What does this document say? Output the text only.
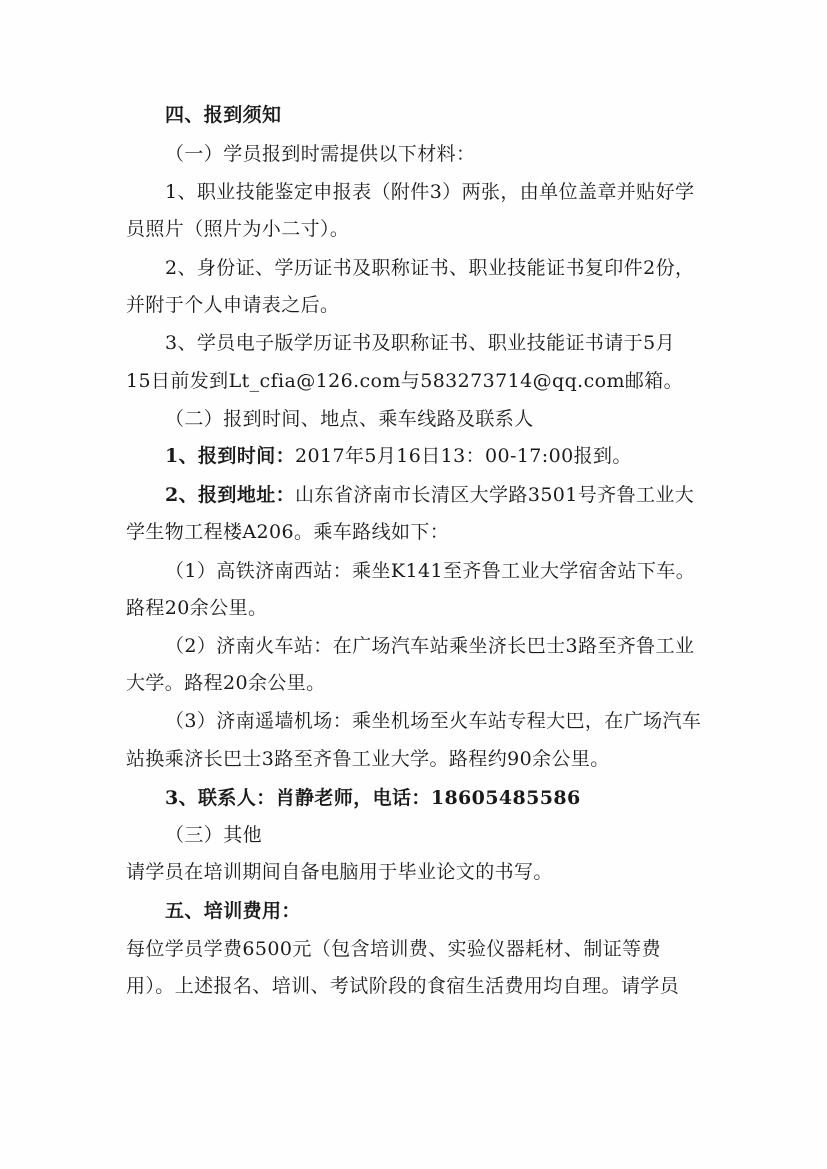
四、报到须知
（一）学员报到时需提供以下材料：
1、职业技能鉴定申报表（附件3）两张，由单位盖章并贴好学
员照片（照片为小二寸）。
2、身份证、学历证书及职称证书、职业技能证书复印件2份，
并附于个人申请表之后。
3、学员电子版学历证书及职称证书、职业技能证书请于5月
15日前发到Lt_cfia@126.com与583273714@qq.com邮箱。
（二）报到时间、地点、乘车线路及联系人
1、报到时间：2017年5月16日13：00-17:00报到。
2、报到地址：山东省济南市长清区大学路3501号齐鲁工业大
学生物工程楼A206。乘车路线如下：
（1）高铁济南西站：乘坐K141至齐鲁工业大学宿舍站下车。
路程20余公里。
（2）济南火车站：在广场汽车站乘坐济长巴士3路至齐鲁工业
大学。路程20余公里。
（3）济南遥墙机场：乘坐机场至火车站专程大巴，在广场汽车
站换乘济长巴士3路至齐鲁工业大学。路程约90余公里。
3、联系人：肖静老师，电话：18605485586
（三）其他
请学员在培训期间自备电脑用于毕业论文的书写。
五、培训费用：
每位学员学费6500元（包含培训费、实验仪器耗材、制证等费
用）。上述报名、培训、考试阶段的食宿生活费用均自理。请学员
